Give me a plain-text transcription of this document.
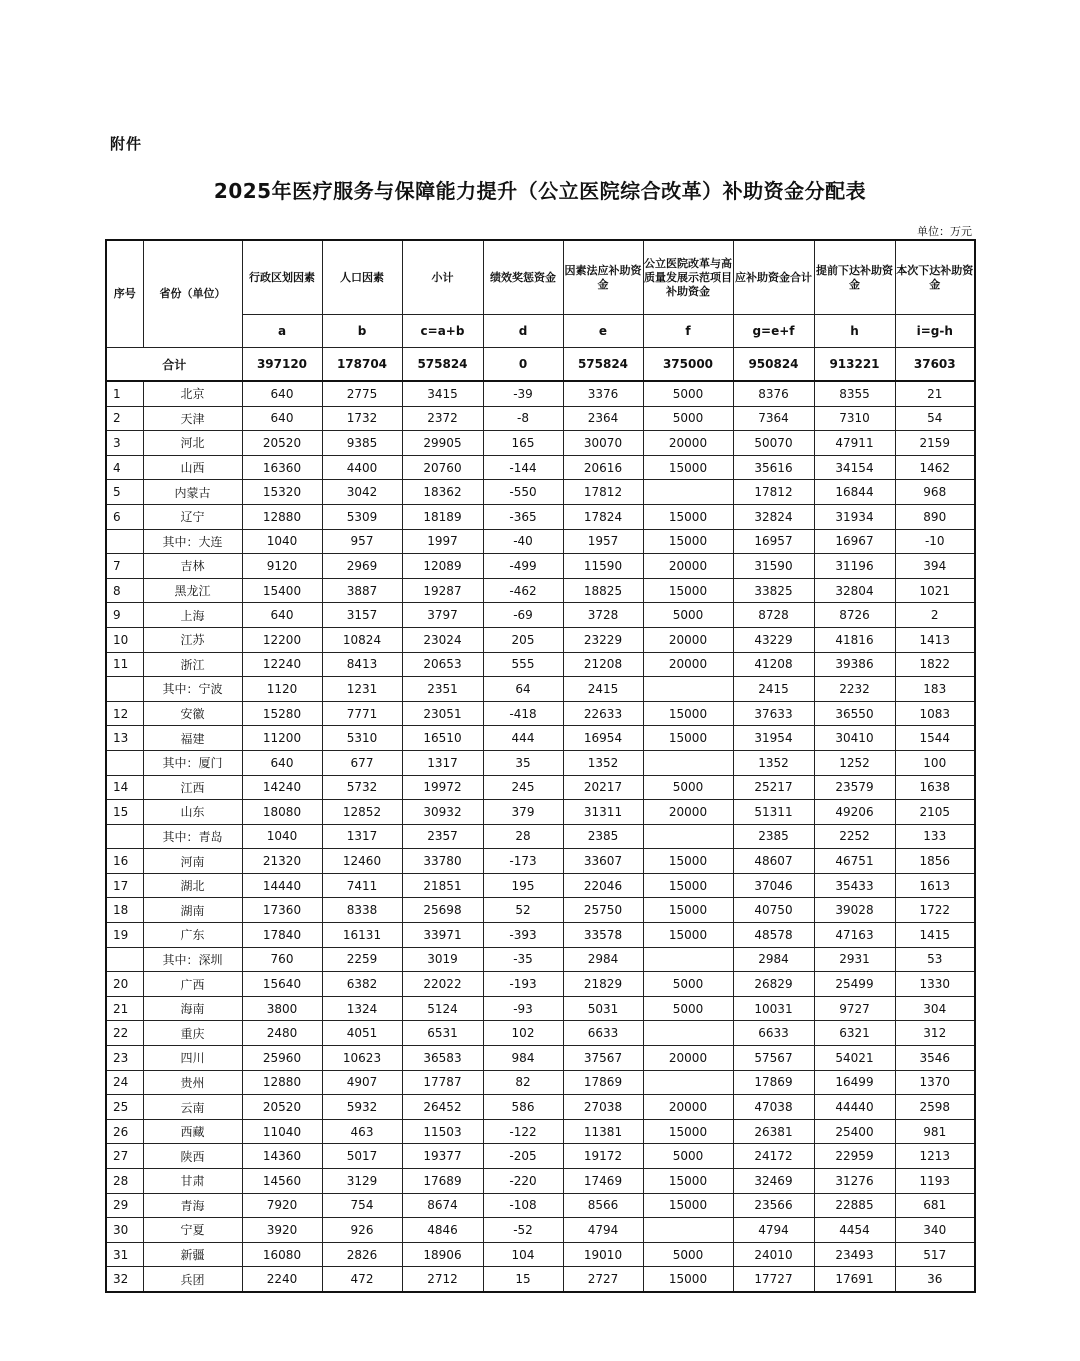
附件
2025年医疗服务与保障能力提升（公立医院综合改革）补助资金分配表
单位：万元
序号	省份（单位）	行政区划因素	人口因素	小计	绩效奖惩资金	因素法应补助资金	公立医院改革与高质量发展示范项目补助资金	应补助资金合计	提前下达补助资金	本次下达补助资金
		a	b	c=a+b	d	e	f	g=e+f	h	i=g-h
合计		397120	178704	575824	0	575824	375000	950824	913221	37603
1	北京	640	2775	3415	-39	3376	5000	8376	8355	21
2	天津	640	1732	2372	-8	2364	5000	7364	7310	54
3	河北	20520	9385	29905	165	30070	20000	50070	47911	2159
4	山西	16360	4400	20760	-144	20616	15000	35616	34154	1462
5	内蒙古	15320	3042	18362	-550	17812		17812	16844	968
6	辽宁	12880	5309	18189	-365	17824	15000	32824	31934	890
	其中：大连	1040	957	1997	-40	1957	15000	16957	16967	-10
7	吉林	9120	2969	12089	-499	11590	20000	31590	31196	394
8	黑龙江	15400	3887	19287	-462	18825	15000	33825	32804	1021
9	上海	640	3157	3797	-69	3728	5000	8728	8726	2
10	江苏	12200	10824	23024	205	23229	20000	43229	41816	1413
11	浙江	12240	8413	20653	555	21208	20000	41208	39386	1822
	其中：宁波	1120	1231	2351	64	2415		2415	2232	183
12	安徽	15280	7771	23051	-418	22633	15000	37633	36550	1083
13	福建	11200	5310	16510	444	16954	15000	31954	30410	1544
	其中：厦门	640	677	1317	35	1352		1352	1252	100
14	江西	14240	5732	19972	245	20217	5000	25217	23579	1638
15	山东	18080	12852	30932	379	31311	20000	51311	49206	2105
	其中：青岛	1040	1317	2357	28	2385		2385	2252	133
16	河南	21320	12460	33780	-173	33607	15000	48607	46751	1856
17	湖北	14440	7411	21851	195	22046	15000	37046	35433	1613
18	湖南	17360	8338	25698	52	25750	15000	40750	39028	1722
19	广东	17840	16131	33971	-393	33578	15000	48578	47163	1415
	其中：深圳	760	2259	3019	-35	2984		2984	2931	53
20	广西	15640	6382	22022	-193	21829	5000	26829	25499	1330
21	海南	3800	1324	5124	-93	5031	5000	10031	9727	304
22	重庆	2480	4051	6531	102	6633		6633	6321	312
23	四川	25960	10623	36583	984	37567	20000	57567	54021	3546
24	贵州	12880	4907	17787	82	17869		17869	16499	1370
25	云南	20520	5932	26452	586	27038	20000	47038	44440	2598
26	西藏	11040	463	11503	-122	11381	15000	26381	25400	981
27	陕西	14360	5017	19377	-205	19172	5000	24172	22959	1213
28	甘肃	14560	3129	17689	-220	17469	15000	32469	31276	1193
29	青海	7920	754	8674	-108	8566	15000	23566	22885	681
30	宁夏	3920	926	4846	-52	4794		4794	4454	340
31	新疆	16080	2826	18906	104	19010	5000	24010	23493	517
32	兵团	2240	472	2712	15	2727	15000	17727	17691	36
